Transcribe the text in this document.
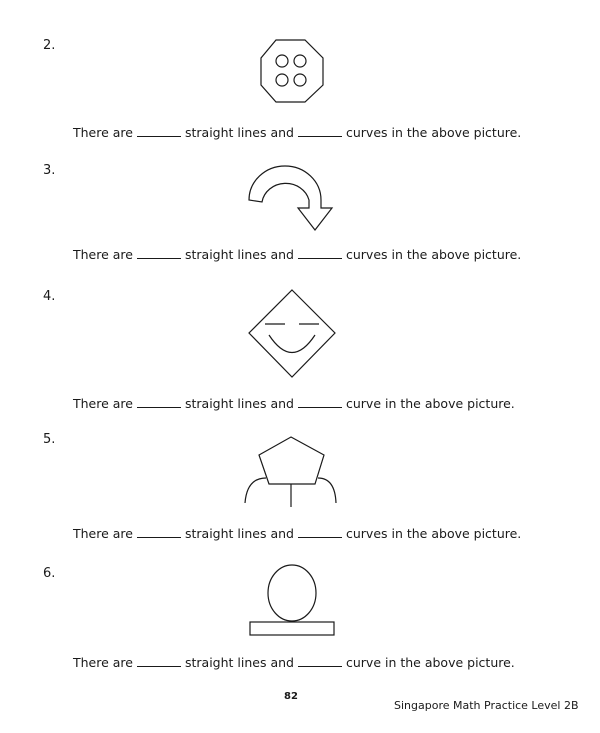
2.
There are	straight lines and	curves in the above picture.
3.
There are	straight lines and	curves in the above picture.
4.
There are	straight lines and	curve in the above picture.
5.
There are	straight lines and	curves in the above picture.
6.
There are	straight lines and	curve in the above picture.
82
Singapore Math Practice Level 2B
